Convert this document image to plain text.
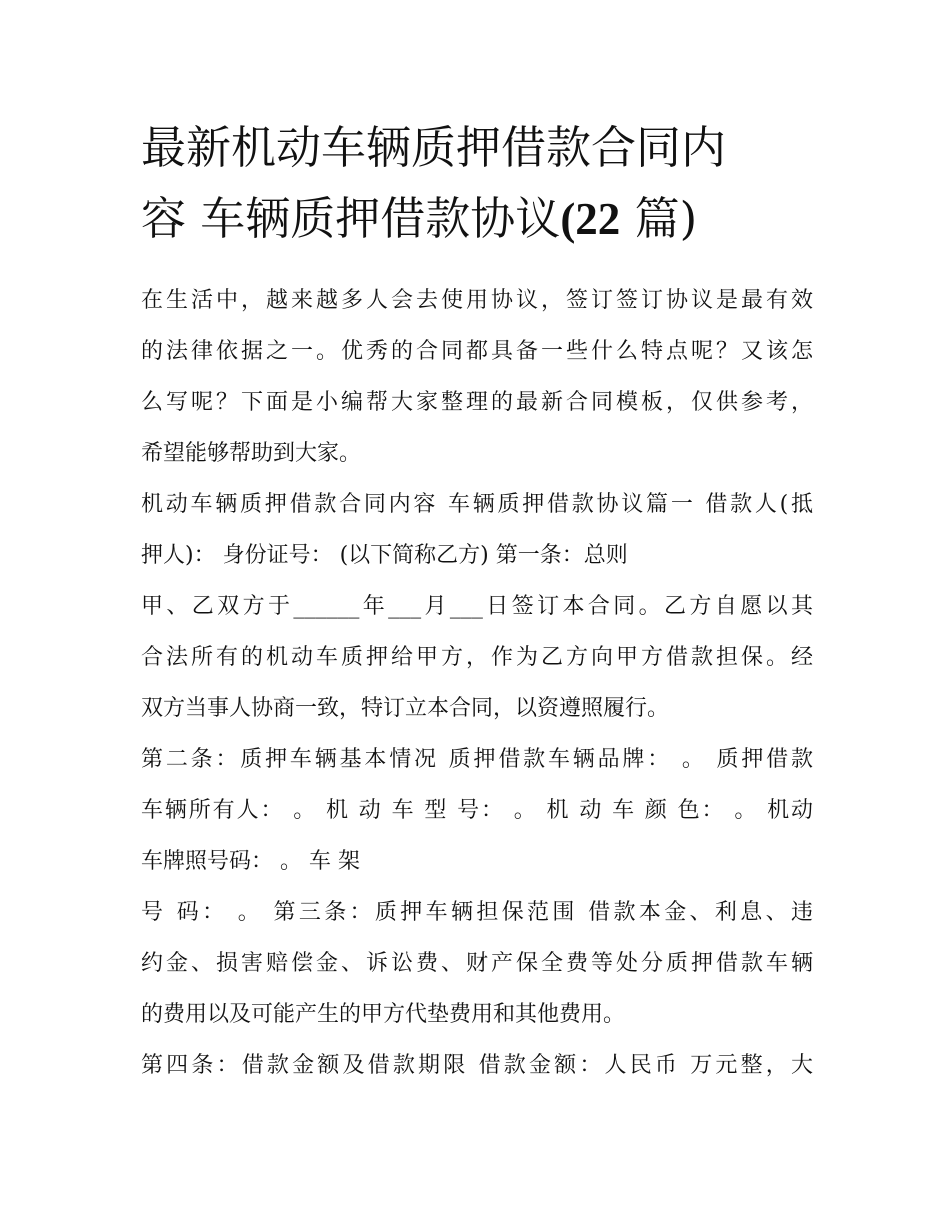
最新机动车辆质押借款合同内
容 车辆质押借款协议(22 篇)
在生活中，越来越多人会去使用协议，签订签订协议是最有效
的法律依据之一。优秀的合同都具备一些什么特点呢？又该怎
么写呢？下面是小编帮大家整理的最新合同模板，仅供参考，
希望能够帮助到大家。
机动车辆质押借款合同内容 车辆质押借款协议篇一 借款人(抵
押人)： 身份证号： (以下简称乙方) 第一条：总则
甲、乙双方于______年___月___日签订本合同。乙方自愿以其
合法所有的机动车质押给甲方，作为乙方向甲方借款担保。经
双方当事人协商一致，特订立本合同，以资遵照履行。
第二条：质押车辆基本情况 质押借款车辆品牌： 。 质押借款
车辆所有人： 。 机 动 车 型 号： 。 机 动 车 颜 色： 。 机动
车牌照号码： 。 车 架
号 码： 。 第三条：质押车辆担保范围 借款本金、利息、违
约金、损害赔偿金、诉讼费、财产保全费等处分质押借款车辆
的费用以及可能产生的甲方代垫费用和其他费用。
第四条：借款金额及借款期限 借款金额：人民币 万元整，大
